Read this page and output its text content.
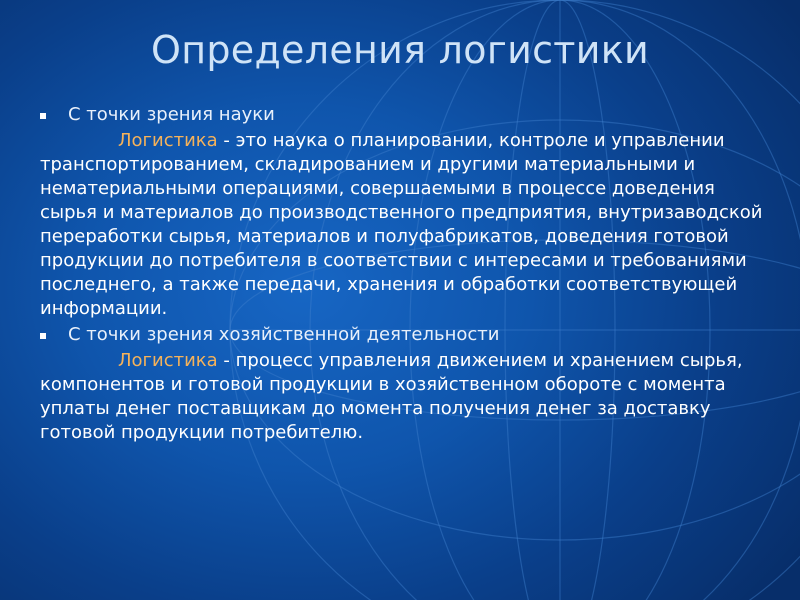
Определения логистики
С точки зрения науки
Логистика - это наука о планировании, контроле и управлении транспортированием, складированием и другими материальными и нематериальными операциями, совершаемыми в процессе доведения сырья и материалов до производственного предприятия, внутризаводской переработки сырья, материалов и полуфабрикатов, доведения готовой продукции до потребителя в соответствии с интересами и требованиями последнего, а также передачи, хранения и обработки соответствующей информации.
С точки зрения хозяйственной деятельности
Логистика - процесс управления движением и хранением сырья, компонентов и готовой продукции в хозяйственном обороте с момента уплаты денег поставщикам до момента получения денег за доставку готовой продукции потребителю.
